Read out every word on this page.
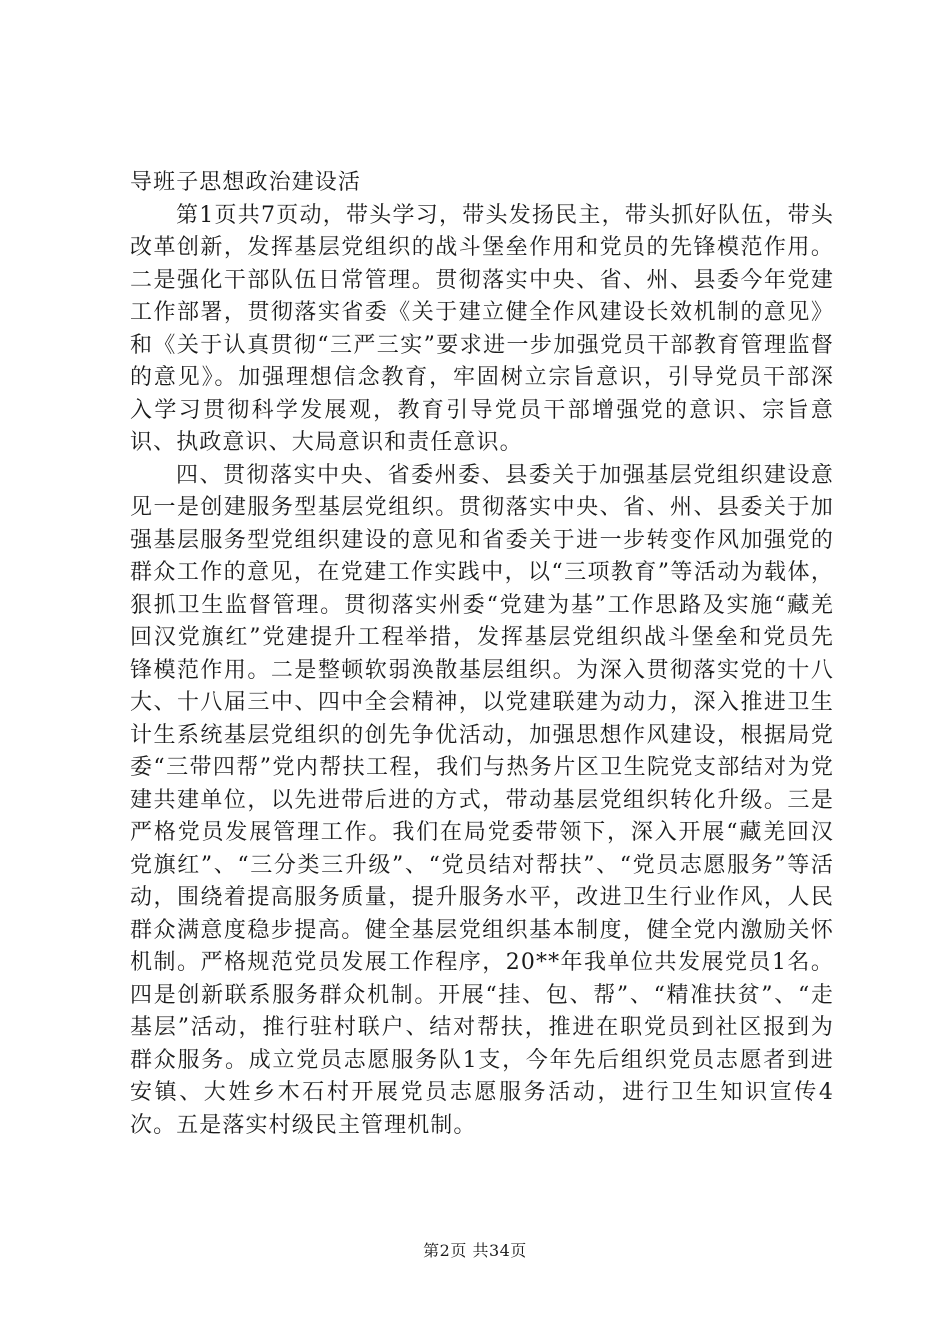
导班子思想政治建设活

第1页共7页动，带头学习，带头发扬民主，带头抓好队伍，带头改革创新，发挥基层党组织的战斗堡垒作用和党员的先锋模范作用。二是强化干部队伍日常管理。贯彻落实中央、省、州、县委今年党建工作部署，贯彻落实省委《关于建立健全作风建设长效机制的意见》和《关于认真贯彻“三严三实”要求进一步加强党员干部教育管理监督的意见》。加强理想信念教育，牢固树立宗旨意识，引导党员干部深入学习贯彻科学发展观，教育引导党员干部增强党的意识、宗旨意识、执政意识、大局意识和责任意识。

四、贯彻落实中央、省委州委、县委关于加强基层党组织建设意见一是创建服务型基层党组织。贯彻落实中央、省、州、县委关于加强基层服务型党组织建设的意见和省委关于进一步转变作风加强党的群众工作的意见，在党建工作实践中，以“三项教育”等活动为载体，狠抓卫生监督管理。贯彻落实州委“党建为基”工作思路及实施“藏羌回汉党旗红”党建提升工程举措，发挥基层党组织战斗堡垒和党员先锋模范作用。二是整顿软弱涣散基层组织。为深入贯彻落实党的十八大、十八届三中、四中全会精神，以党建联建为动力，深入推进卫生计生系统基层党组织的创先争优活动，加强思想作风建设，根据局党委“三带四帮”党内帮扶工程，我们与热务片区卫生院党支部结对为党建共建单位，以先进带后进的方式，带动基层党组织转化升级。三是严格党员发展管理工作。我们在局党委带领下，深入开展“藏羌回汉党旗红”、“三分类三升级”、“党员结对帮扶”、“党员志愿服务”等活动，围绕着提高服务质量，提升服务水平，改进卫生行业作风，人民群众满意度稳步提高。健全基层党组织基本制度，健全党内激励关怀机制。严格规范党员发展工作程序，20**年我单位共发展党员1名。四是创新联系服务群众机制。开展“挂、包、帮”、“精准扶贫”、“走基层”活动，推行驻村联户、结对帮扶，推进在职党员到社区报到为群众服务。成立党员志愿服务队1支，今年先后组织党员志愿者到进安镇、大姓乡木石村开展党员志愿服务活动，进行卫生知识宣传4次。五是落实村级民主管理机制。

第2页 共34页
